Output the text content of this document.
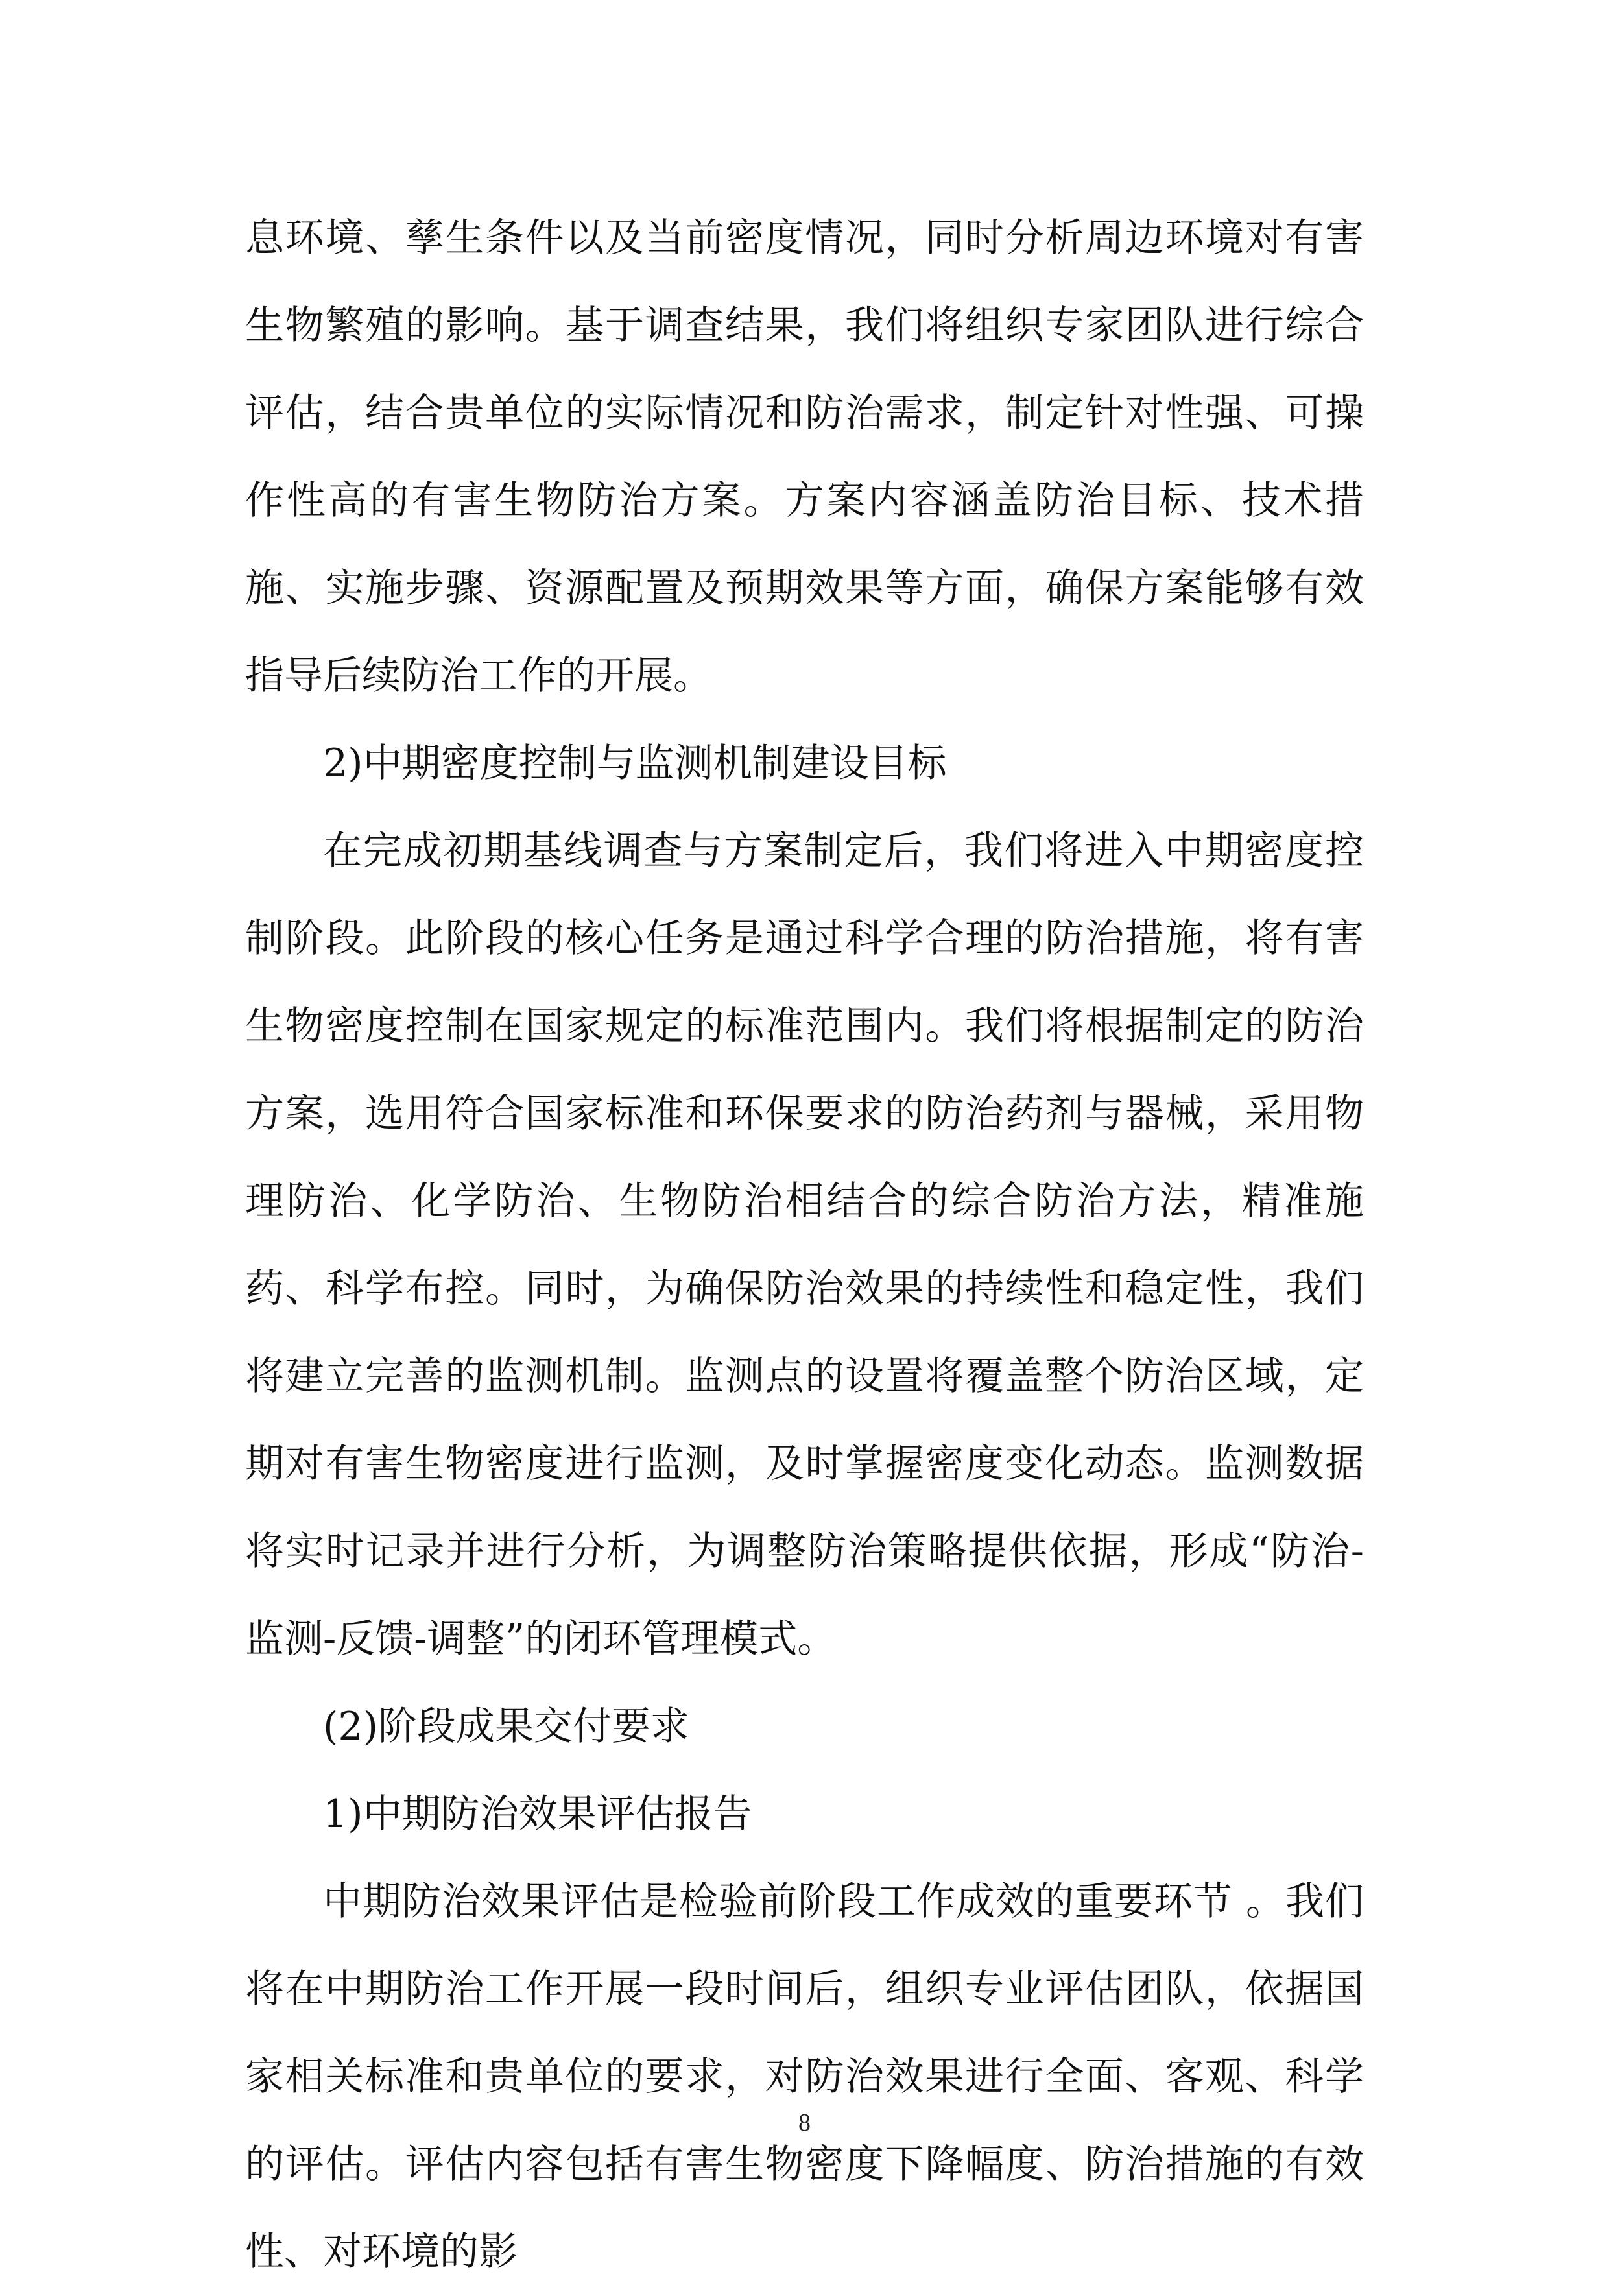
息环境、孳生条件以及当前密度情况，同时分析周边环境对有害生物繁殖的影响。基于调查结果，我们将组织专家团队进行综合评估，结合贵单位的实际情况和防治需求，制定针对性强、可操作性高的有害生物防治方案。方案内容涵盖防治目标、技术措施、实施步骤、资源配置及预期效果等方面，确保方案能够有效指导后续防治工作的开展。

2)中期密度控制与监测机制建设目标

在完成初期基线调查与方案制定后，我们将进入中期密度控制阶段。此阶段的核心任务是通过科学合理的防治措施，将有害生物密度控制在国家规定的标准范围内。我们将根据制定的防治方案，选用符合国家标准和环保要求的防治药剂与器械，采用物理防治、化学防治、生物防治相结合的综合防治方法，精准施药、科学布控。同时，为确保防治效果的持续性和稳定性，我们将建立完善的监测机制。监测点的设置将覆盖整个防治区域，定期对有害生物密度进行监测，及时掌握密度变化动态。监测数据将实时记录并进行分析，为调整防治策略提供依据，形成“防治-监测-反馈-调整”的闭环管理模式。

(2)阶段成果交付要求

1)中期防治效果评估报告

中期防治效果评估是检验前阶段工作成效的重要环节 。我们将在中期防治工作开展一段时间后，组织专业评估团队，依据国家相关标准和贵单位的要求，对防治效果进行全面、客观、科学的评估。评估内容包括有害生物密度下降幅度、防治措施的有效性、对环境的影

8
